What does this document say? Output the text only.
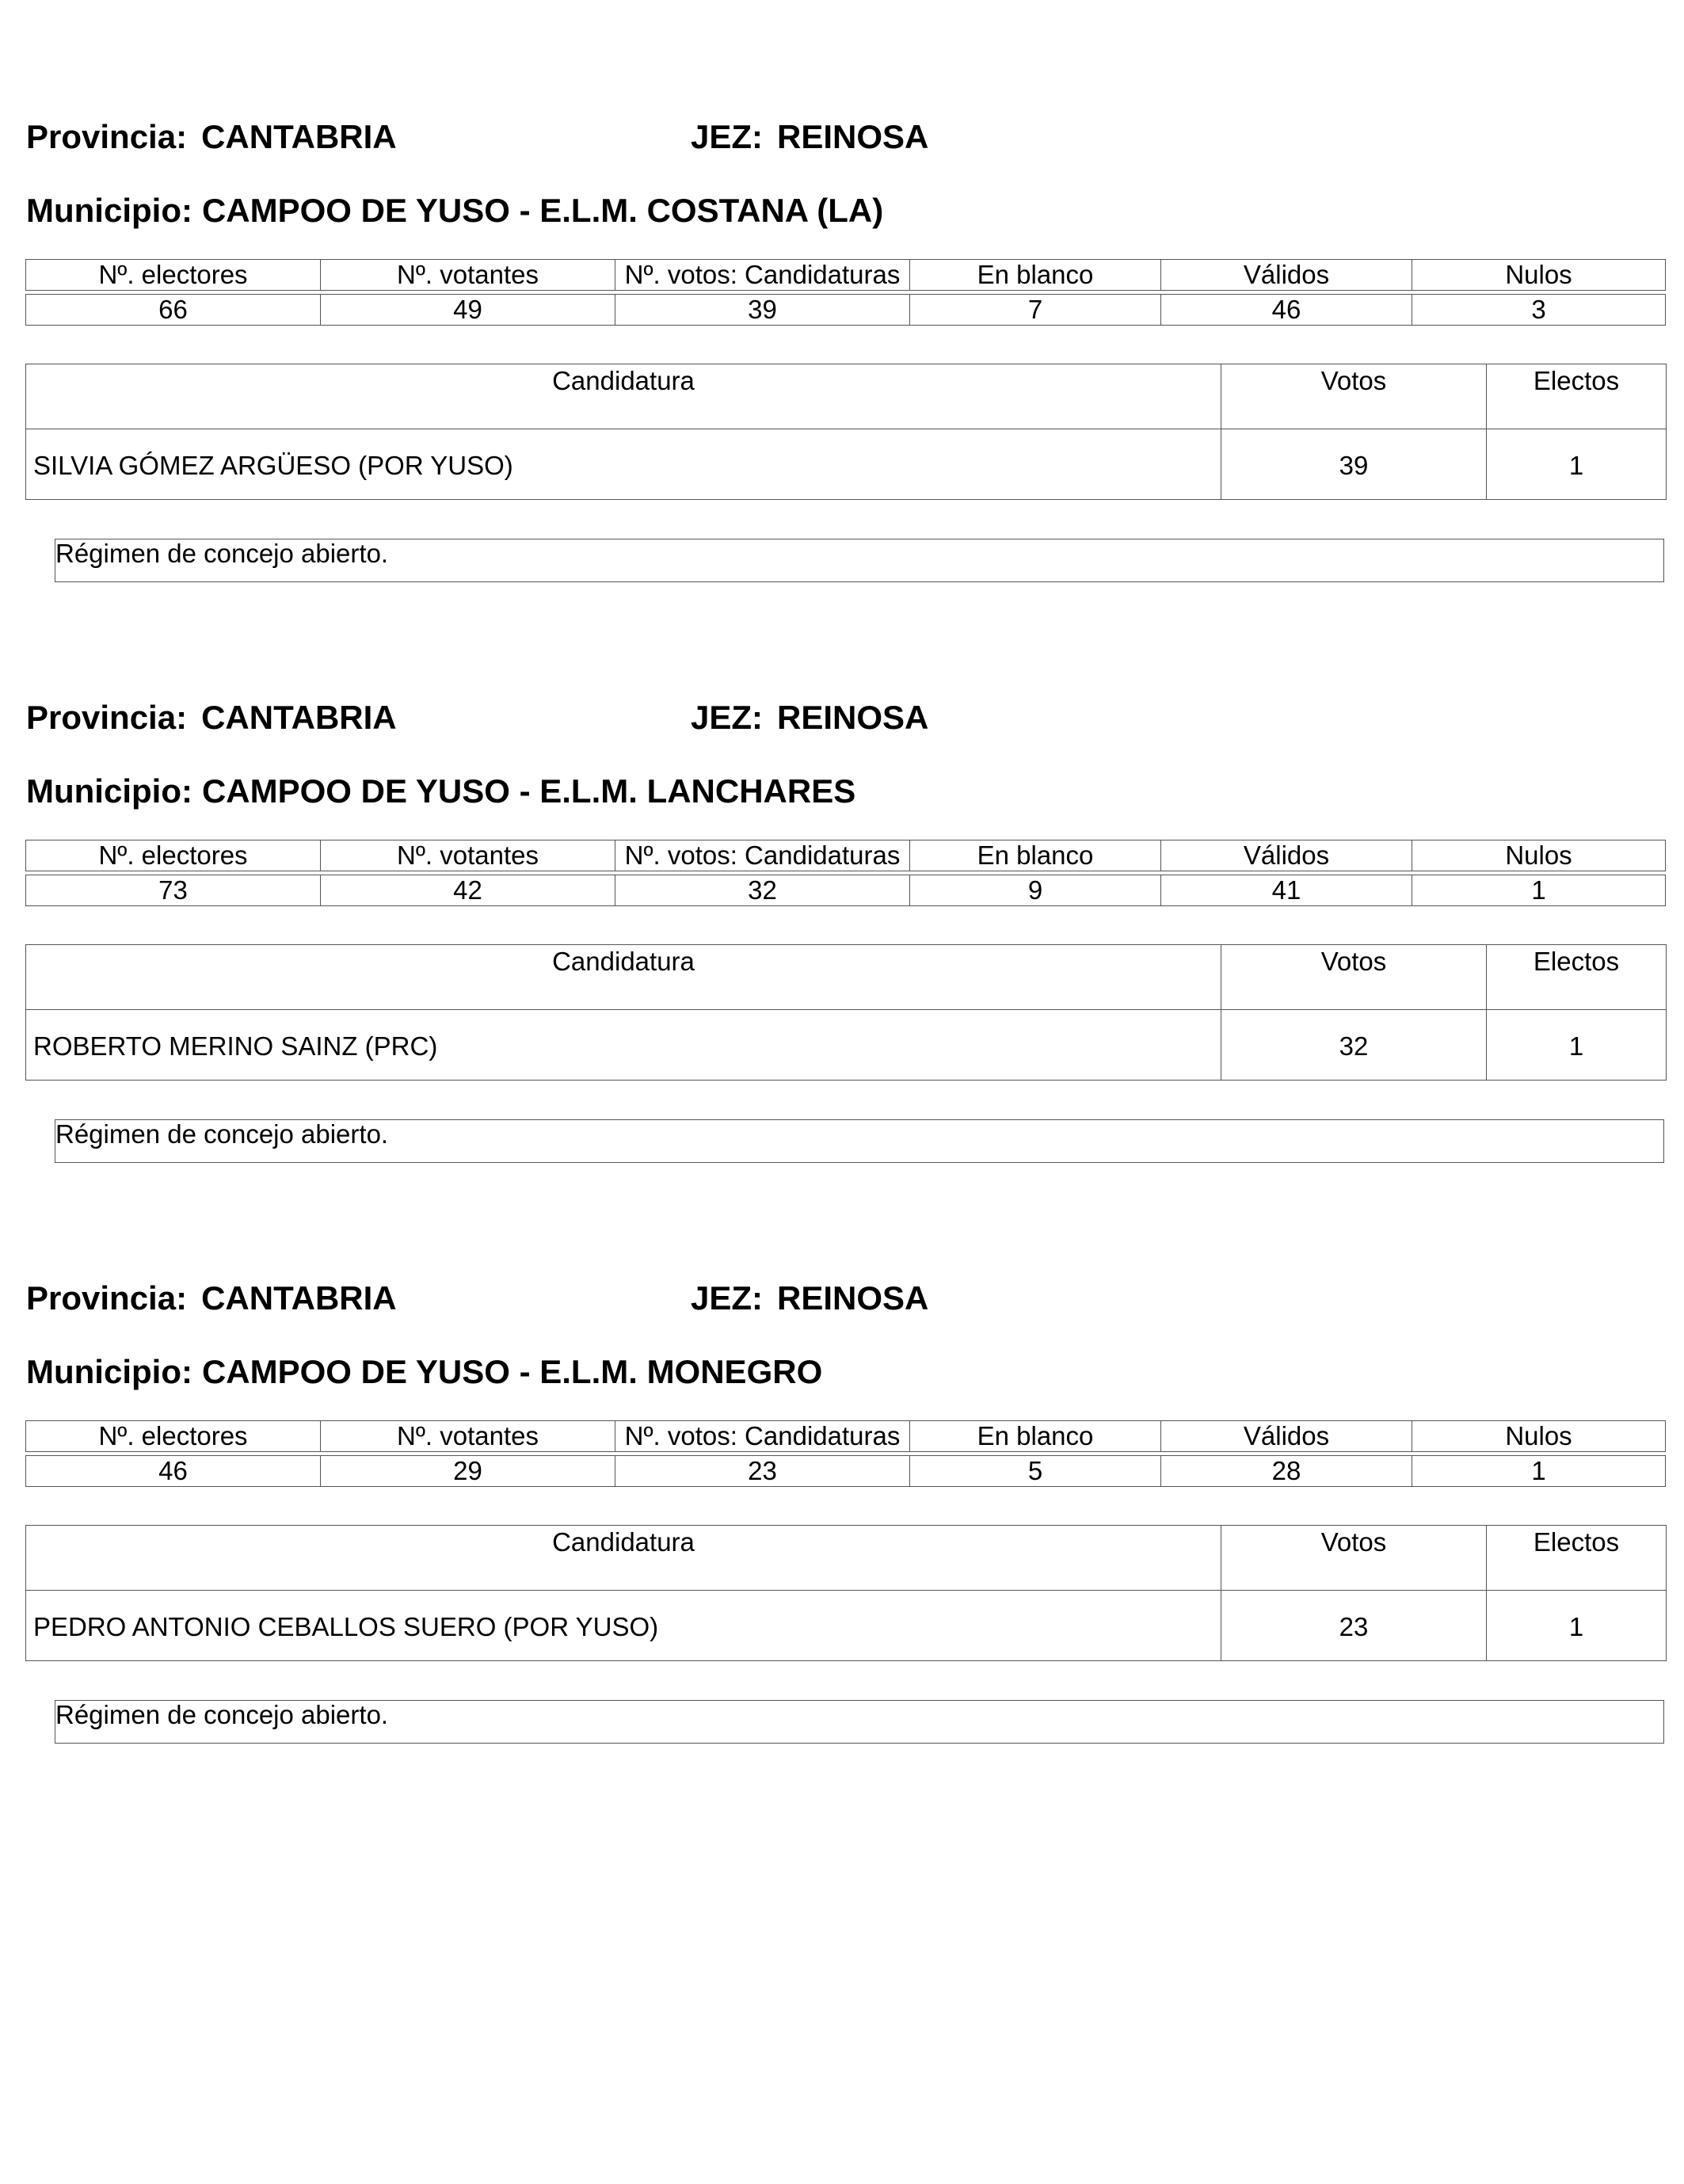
Provincia: CANTABRIA	JEZ: REINOSA
Municipio: CAMPOO DE YUSO - E.L.M. COSTANA (LA)
Nº. electores	Nº. votantes	Nº. votos: Candidaturas	En blanco	Válidos	Nulos

66	49	39	7	46	3
Candidatura	Votos	Electos
SILVIA GÓMEZ ARGÜESO (POR YUSO)	39	1
Régimen de concejo abierto.
Provincia: CANTABRIA	JEZ: REINOSA
Municipio: CAMPOO DE YUSO - E.L.M. LANCHARES
Nº. electores	Nº. votantes	Nº. votos: Candidaturas	En blanco	Válidos	Nulos

73	42	32	9	41	1
Candidatura	Votos	Electos
ROBERTO MERINO SAINZ (PRC)	32	1
Régimen de concejo abierto.
Provincia: CANTABRIA	JEZ: REINOSA
Municipio: CAMPOO DE YUSO - E.L.M. MONEGRO
Nº. electores	Nº. votantes	Nº. votos: Candidaturas	En blanco	Válidos	Nulos

46	29	23	5	28	1
Candidatura	Votos	Electos
PEDRO ANTONIO CEBALLOS SUERO (POR YUSO)	23	1
Régimen de concejo abierto.
